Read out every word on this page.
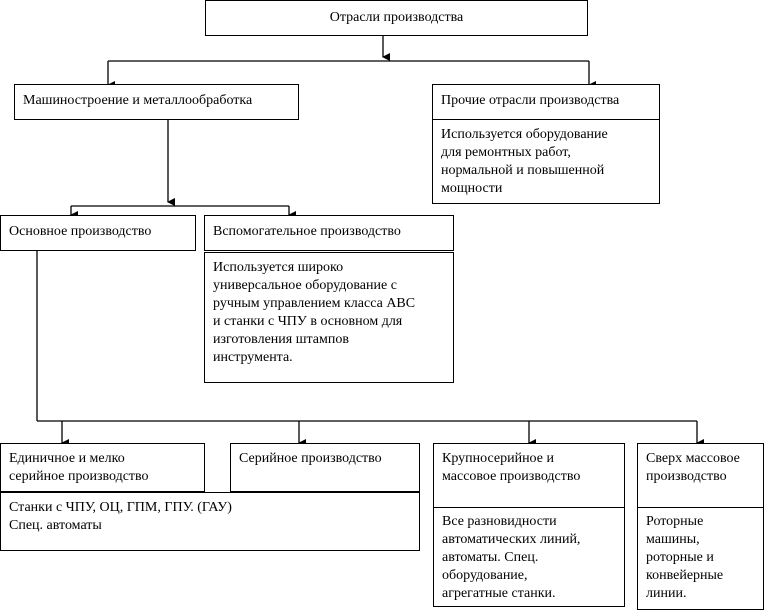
Отрасли производства
Машиностроение и металлообработка	Прочие отрасли производства
Используется оборудование
для ремонтных работ,
нормальной и повышенной
мощности
Основное производство	Вспомогательное производство
Используется широко
универсальное оборудование с
ручным управлением класса АВС
и станки с ЧПУ в основном для
изготовления штампов
инструмента.
Единичное и мелко
серийное производство
Серийное производство
Станки с ЧПУ, ОЦ, ГПМ, ГПУ. (ГАУ)
Спец. автоматы
Крупносерийное и
массовое производство
Все разновидности
автоматических линий,
автоматы. Спец.
оборудование,
агрегатные станки.
Сверх массовое
производство
Роторные
машины,
роторные и
конвейерные
линии.
